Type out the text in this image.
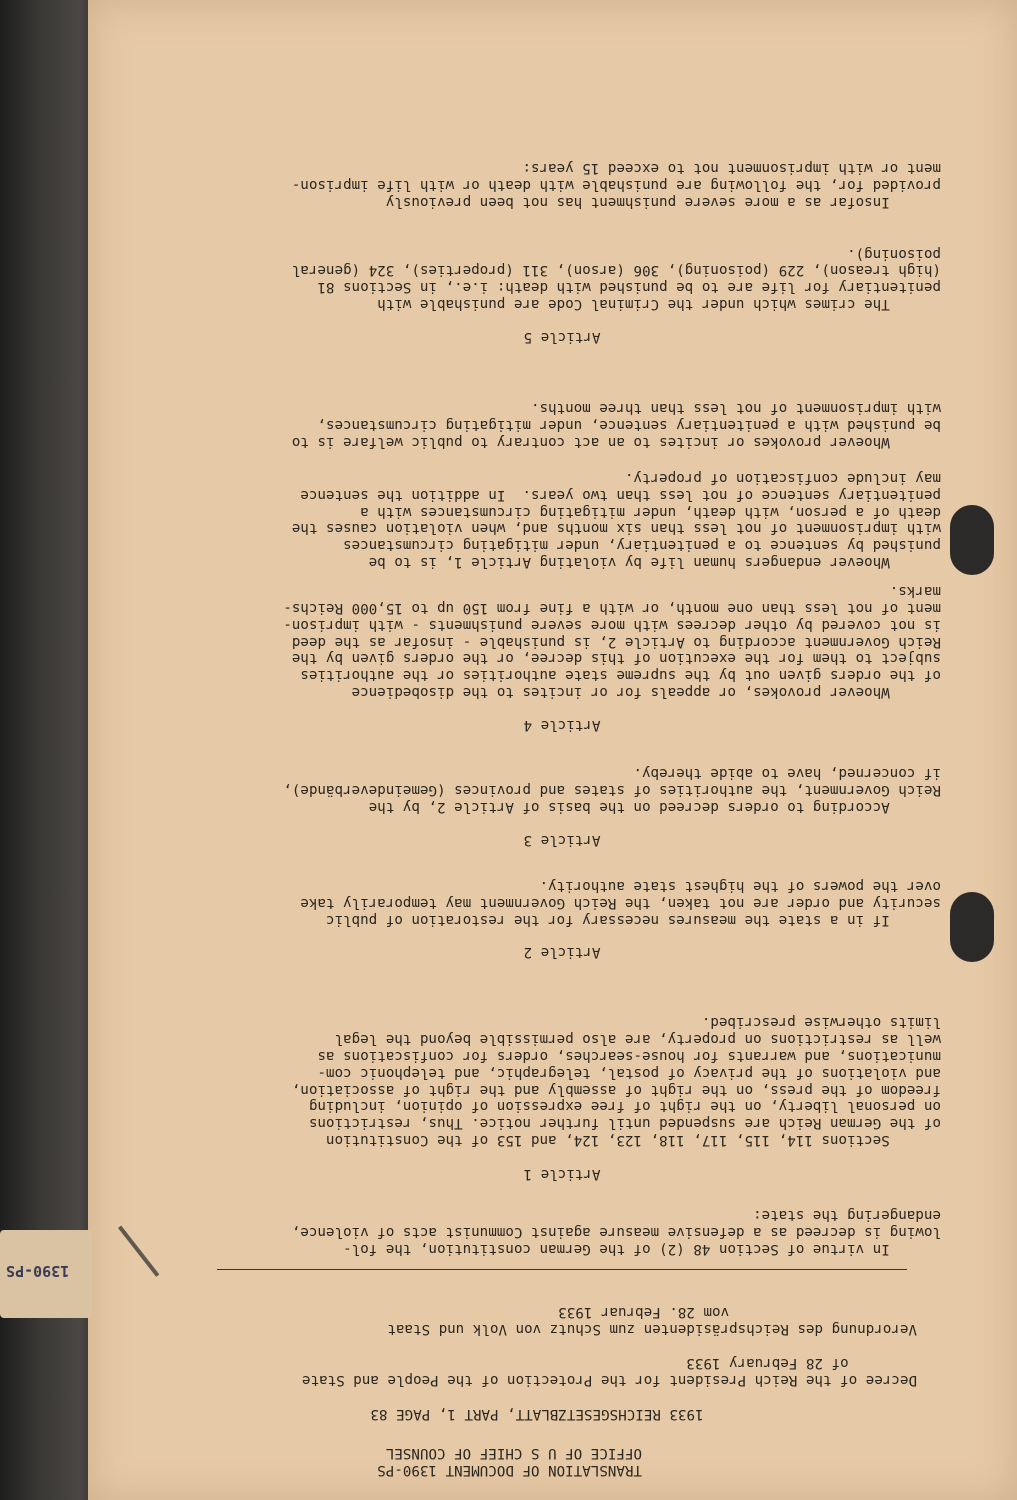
1390-PS
TRANSLATION OF DOCUMENT 1390-PS
OFFICE OF U S CHIEF OF COUNSEL
1933 REICHSGESETZBLATT, PART 1, PAGE 83
Decree of the Reich President for the Protection of the People and State
of 28 February 1933

Verordnung des Reichspräsidenten zum Schutz von Volk und Staat
vom 28. Februar 1933
In virtue of Section 48 (2) of the German constitution, the fol-
lowing is decreed as a defensive measure against Communist acts of violence,
endangering the state:
Article 1
Sections 114, 115, 117, 118, 123, 124, and 153 of the Constitution
of the German Reich are suspended until further notice. Thus, restrictions
on personal liberty, on the right of free expression of opinion, including
freedom of the press, on the right of assembly and the right of association,
and violations of the privacy of postal, telegraphic, and telephonic com-
munications, and warrants for house-searches, orders for confiscations as
well as restrictions on property, are also permissible beyond the legal
limits otherwise prescribed.
Article 2
If in a state the measures necessary for the restoration of public
security and order are not taken, the Reich Government may temporarily take
over the powers of the highest state authority.
Article 3
According to orders decreed on the basis of Article 2, by the
Reich Government, the authorities of states and provinces (Gemeindeverbände),
if concerned, have to abide thereby.
Article 4
Whoever provokes, or appeals for or incites to the disobedience
of the orders given out by the supreme state authorities or the authorities
subject to them for the execution of this decree, or the orders given by the
Reich Government according to Article 2, is punishable - insofar as the deed
is not covered by other decrees with more severe punishments - with imprison-
ment of not less than one month, or with a fine from 150 up to 15,000 Reichs-
marks.
Whoever endangers human life by violating Article 1, is to be
punished by sentence to a penitentiary, under mitigating circumstances
with imprisonment of not less than six months and, when violation causes the
death of a person, with death, under mitigating circumstances with a
penitentiary sentence of not less than two years.  In addition the sentence
may include confiscation of property.
Whoever provokes or incites to an act contrary to public welfare is to
be punished with a penitentiary sentence, under mitigating circumstances,
with imprisonment of not less than three months.
Article 5
The crimes which under the Criminal Code are punishable with
penitentiary for life are to be punished with death: i.e., in Sections 81
(high treason), 229 (poisoning), 306 (arson), 311 (properties), 324 (general
poisoning).
Insofar as a more severe punishment has not been previously
provided for, the following are punishable with death or with life imprison-
ment or with imprisonment not to exceed 15 years:
